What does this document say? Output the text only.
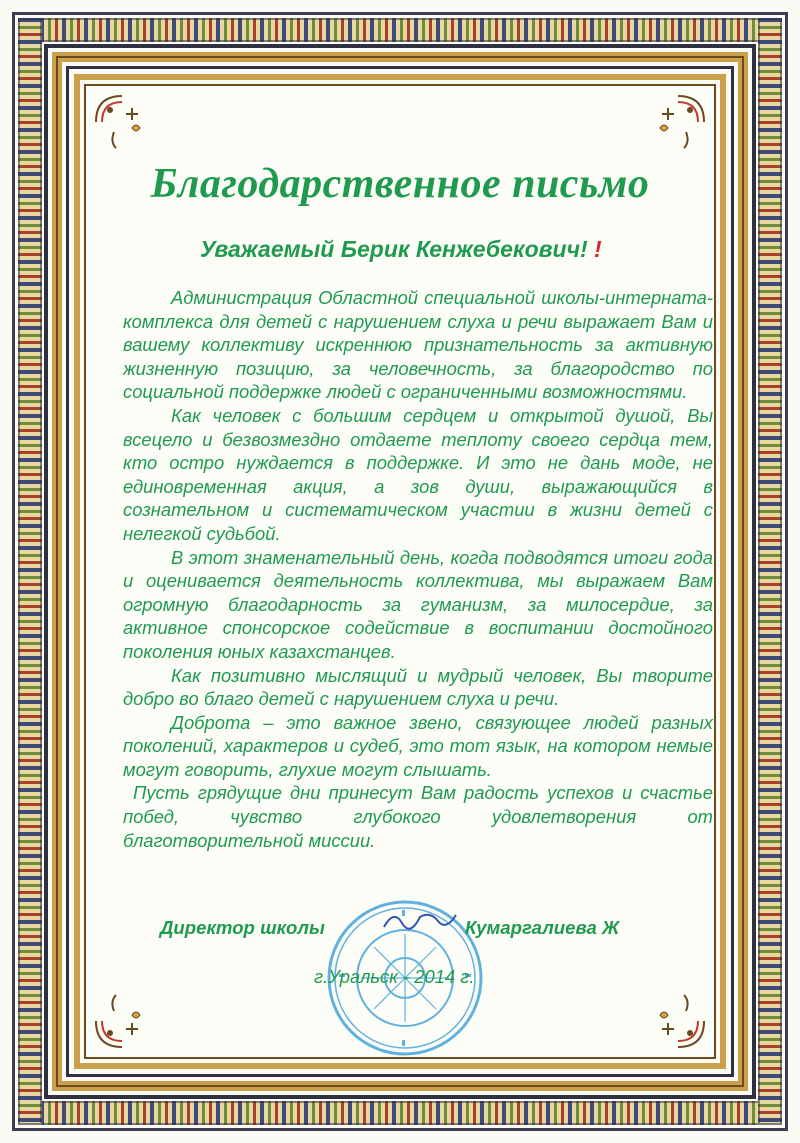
Благодарственное письмо
Уважаемый Берик Кенжебекович! !

Администрация Областной специальной школы-интерната-комплекса для детей с нарушением слуха и речи выражает Вам и вашему коллективу искреннюю признательность за активную жизненную позицию, за человечность, за благородство по социальной поддержке людей с ограниченными возможностями.

Как человек с большим сердцем и открытой душой, Вы всецело и безвозмездно отдаете теплоту своего сердца тем, кто остро нуждается в поддержке. И это не дань моде, не единовременная акция, а зов души, выражающийся в сознательном и систематическом участии в жизни детей с нелегкой судьбой.

В этот знаменательный день, когда подводятся итоги года и оценивается деятельность коллектива, мы выражаем Вам огромную благодарность за гуманизм, за милосердие, за активное спонсорское содействие в воспитании достойного поколения юных казахстанцев.

Как позитивно мыслящий и мудрый человек, Вы творите добро во благо детей с нарушением слуха и речи.

Доброта – это важное звено, связующее людей разных поколений, характеров и судеб, это тот язык, на котором немые могут говорить, глухие могут слышать.

Пусть грядущие дни принесут Вам радость успехов и счастье побед, чувство глубокого удовлетворения от благотворительной миссии.

Директор школы	Кумаргалиева Ж
г.Уральск - 2014 г.
